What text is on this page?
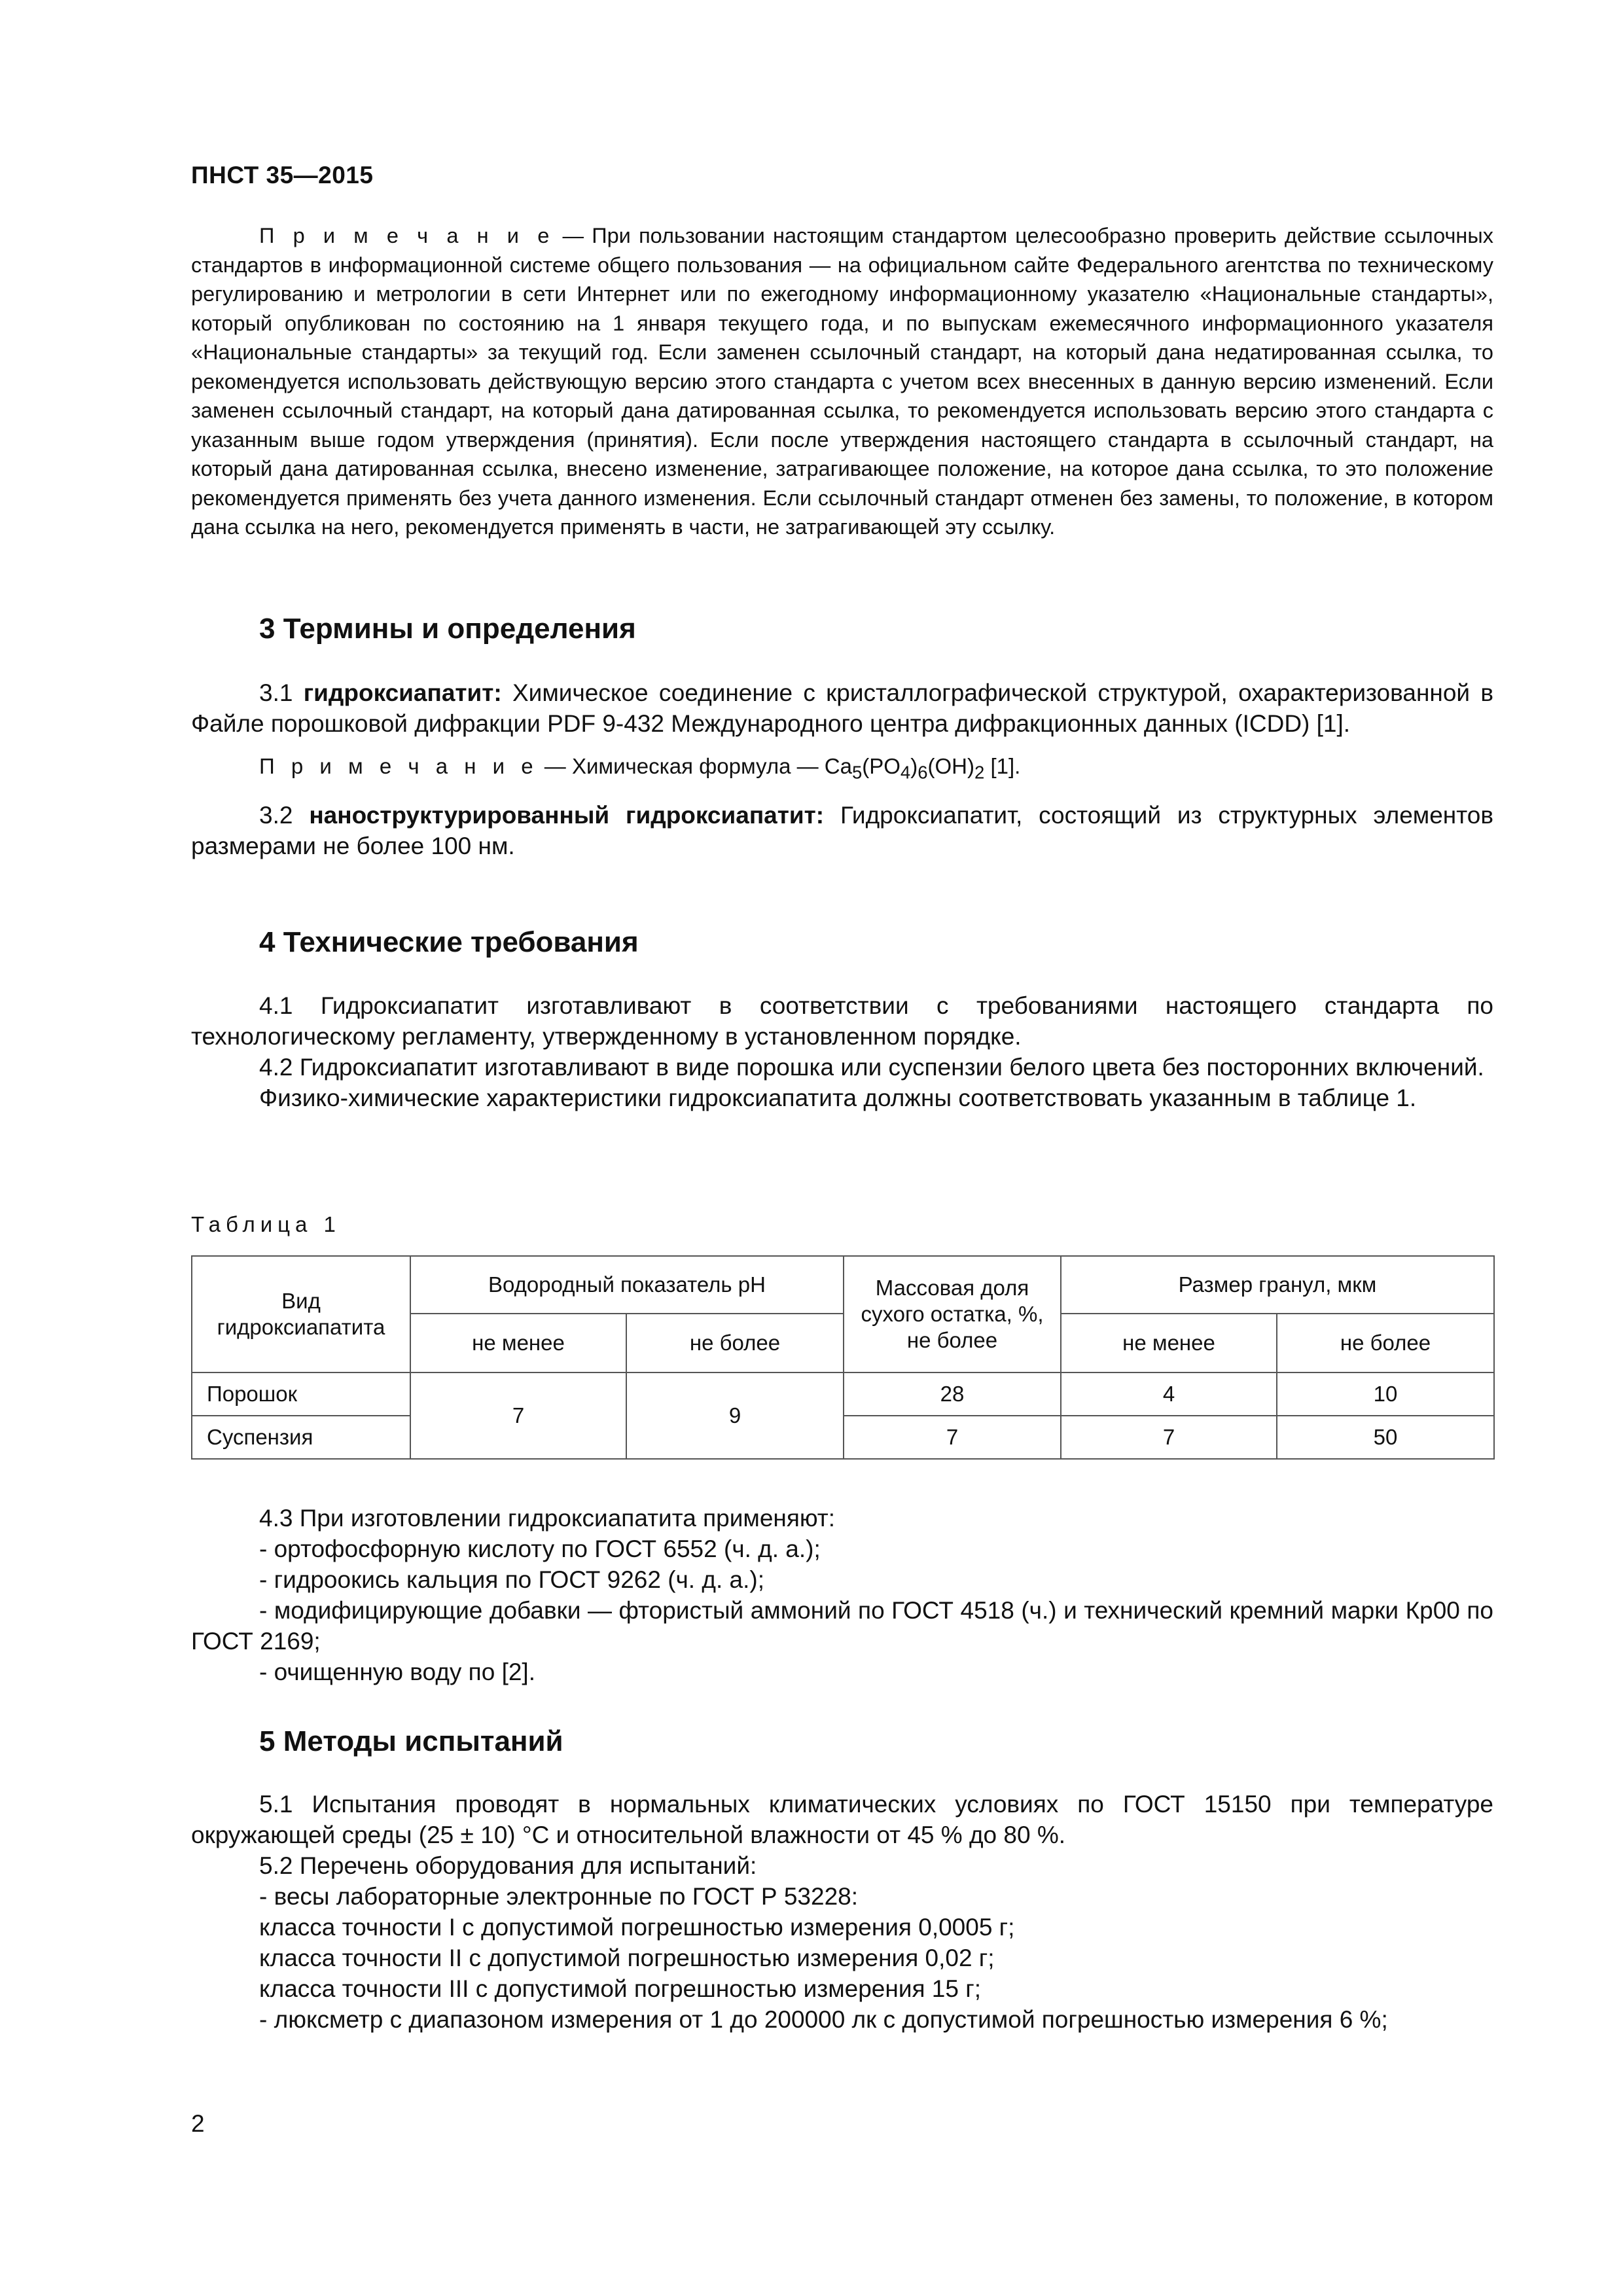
ПНСТ 35—2015

П р и м е ч а н и е — При пользовании настоящим стандартом целесообразно проверить действие ссылочных стандартов в информационной системе общего пользования — на официальном сайте Федерального агентства по техническому регулированию и метрологии в сети Интернет или по ежегодному информационному указателю «Национальные стандарты», который опубликован по состоянию на 1 января текущего года, и по выпускам ежемесячного информационного указателя «Национальные стандарты» за текущий год. Если заменен ссылочный стандарт, на который дана недатированная ссылка, то рекомендуется использовать действующую версию этого стандарта с учетом всех внесенных в данную версию изменений. Если заменен ссылочный стандарт, на который дана датированная ссылка, то рекомендуется использовать версию этого стандарта с указанным выше годом утверждения (принятия). Если после утверждения настоящего стандарта в ссылочный стандарт, на который дана датированная ссылка, внесено изменение, затрагивающее положение, на которое дана ссылка, то это положение рекомендуется применять без учета данного изменения. Если ссылочный стандарт отменен без замены, то положение, в котором дана ссылка на него, рекомендуется применять в части, не затрагивающей эту ссылку.

3 Термины и определения

3.1 гидроксиапатит: Химическое соединение с кристаллографической структурой, охарактеризованной в Файле порошковой дифракции PDF 9-432 Международного центра дифракционных данных (ICDD) [1].

П р и м е ч а н и е — Химическая формула — $Ca_5(PO_4)_6(OH)_2$ [1].

3.2 наноструктурированный гидроксиапатит: Гидроксиапатит, состоящий из структурных элементов размерами не более 100 нм.

4 Технические требования

4.1 Гидроксиапатит изготавливают в соответствии с требованиями настоящего стандарта по технологическому регламенту, утвержденному в установленном порядке.

4.2 Гидроксиапатит изготавливают в виде порошка или суспензии белого цвета без посторонних включений.

Физико-химические характеристики гидроксиапатита должны соответствовать указанным в таблице 1.

Таблица 1
Вид гидроксиапатита	Водородный показатель pH		Массовая доля сухого остатка, %, не более	Размер гранул, мкм	
	не менее	не более		не менее	не более
Порошок	7	9	28	4	10
Суспензия			7	7	50

4.3 При изготовлении гидроксиапатита применяют:

- ортофосфорную кислоту по ГОСТ 6552 (ч. д. а.);

- гидроокись кальция по ГОСТ 9262 (ч. д. а.);

- модифицирующие добавки — фтористый аммоний по ГОСТ 4518 (ч.) и технический кремний марки Кр00 по ГОСТ 2169;

- очищенную воду по [2].

5 Методы испытаний

5.1 Испытания проводят в нормальных климатических условиях по ГОСТ 15150 при температуре окружающей среды (25 ± 10) °С и относительной влажности от 45 % до 80 %.

5.2 Перечень оборудования для испытаний:

- весы лабораторные электронные по ГОСТ Р 53228:

класса точности I с допустимой погрешностью измерения 0,0005 г;

класса точности II с допустимой погрешностью измерения 0,02 г;

класса точности III с допустимой погрешностью измерения 15 г;

- люксметр с диапазоном измерения от 1 до 200000 лк с допустимой погрешностью измерения 6 %;

2
